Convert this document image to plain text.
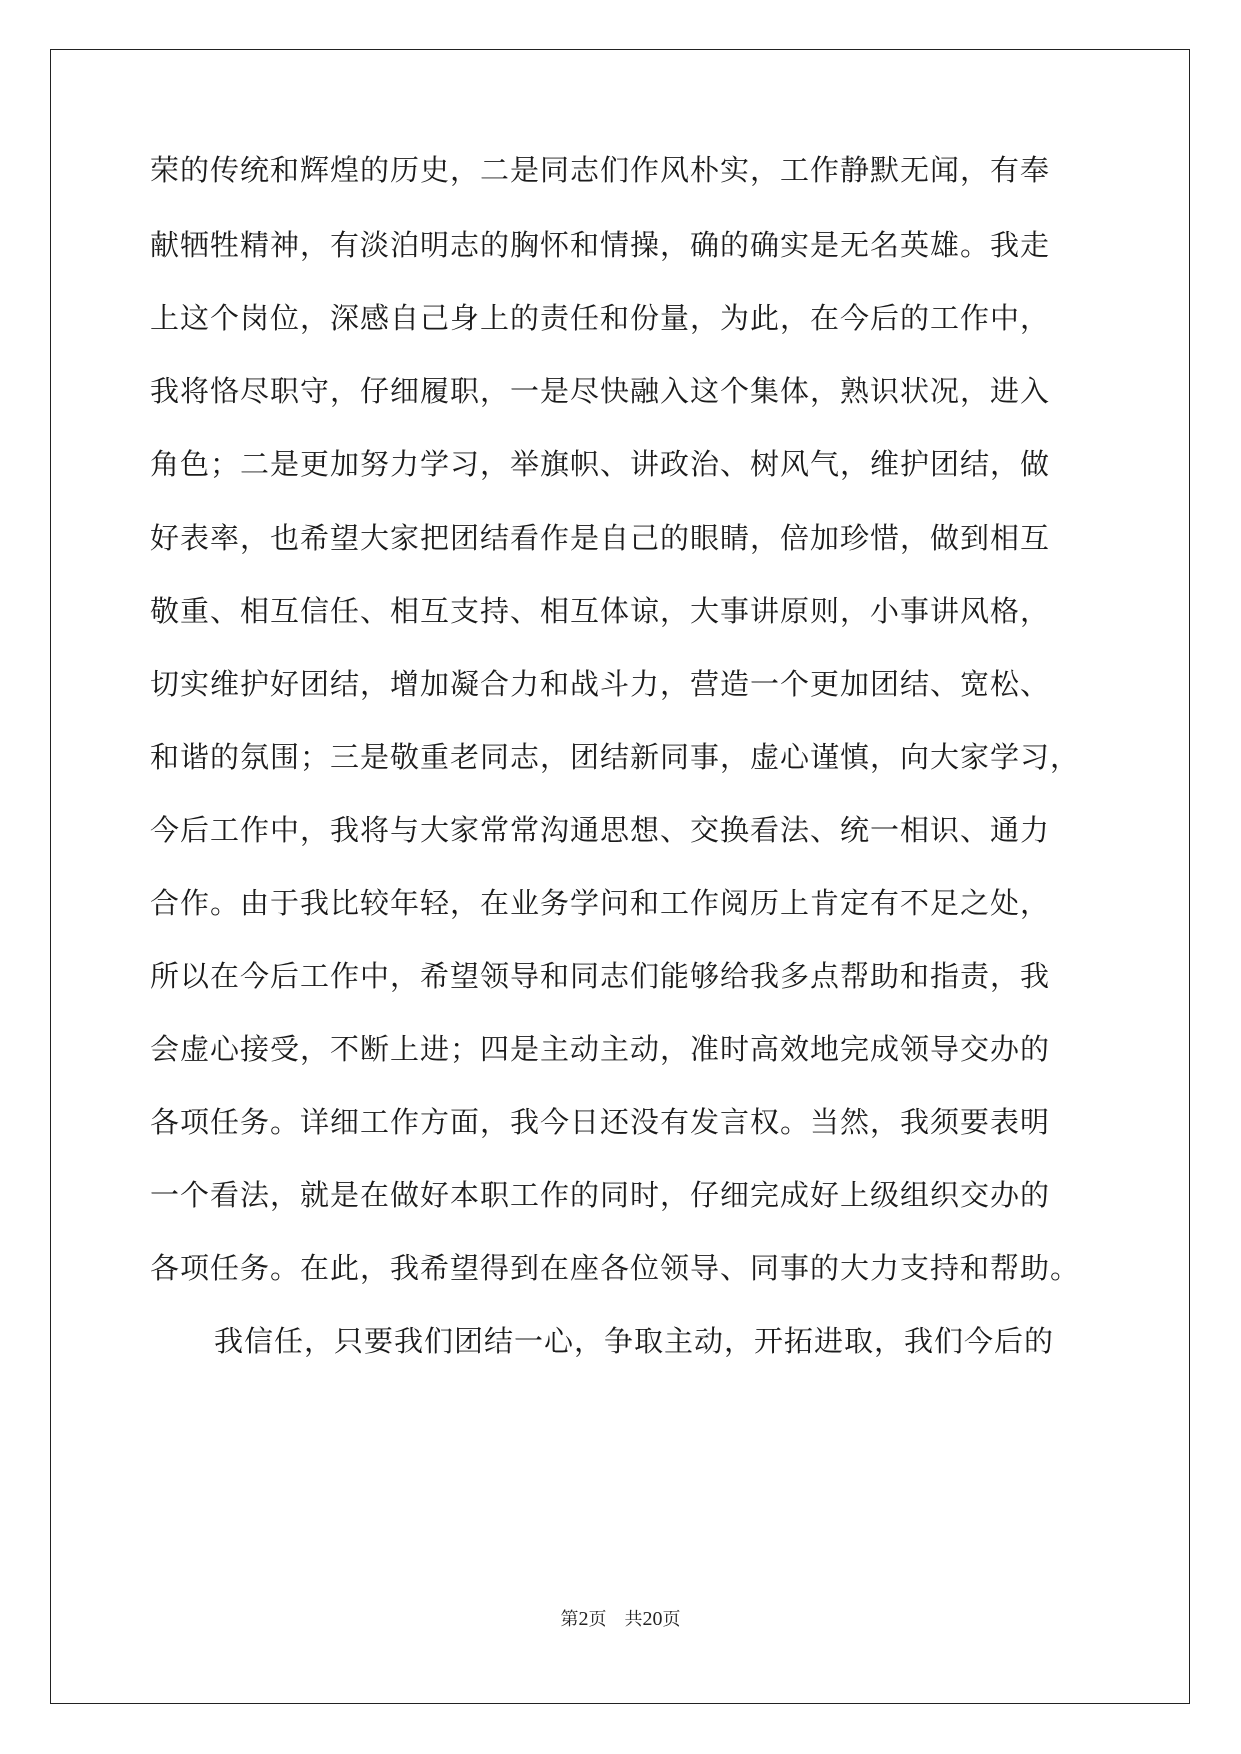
荣的传统和辉煌的历史，二是同志们作风朴实，工作静默无闻，有奉
献牺牲精神，有淡泊明志的胸怀和情操，确的确实是无名英雄。我走
上这个岗位，深感自己身上的责任和份量，为此，在今后的工作中，
我将恪尽职守，仔细履职，一是尽快融入这个集体，熟识状况，进入
角色；二是更加努力学习，举旗帜、讲政治、树风气，维护团结，做
好表率，也希望大家把团结看作是自己的眼睛，倍加珍惜，做到相互
敬重、相互信任、相互支持、相互体谅，大事讲原则，小事讲风格，
切实维护好团结，增加凝合力和战斗力，营造一个更加团结、宽松、
和谐的氛围；三是敬重老同志，团结新同事，虚心谨慎，向大家学习，
今后工作中，我将与大家常常沟通思想、交换看法、统一相识、通力
合作。由于我比较年轻，在业务学问和工作阅历上肯定有不足之处，
所以在今后工作中，希望领导和同志们能够给我多点帮助和指责，我
会虚心接受，不断上进；四是主动主动，准时高效地完成领导交办的
各项任务。详细工作方面，我今日还没有发言权。当然，我须要表明
一个看法，就是在做好本职工作的同时，仔细完成好上级组织交办的
各项任务。在此，我希望得到在座各位领导、同事的大力支持和帮助。
我信任，只要我们团结一心，争取主动，开拓进取，我们今后的
第2页 共20页
